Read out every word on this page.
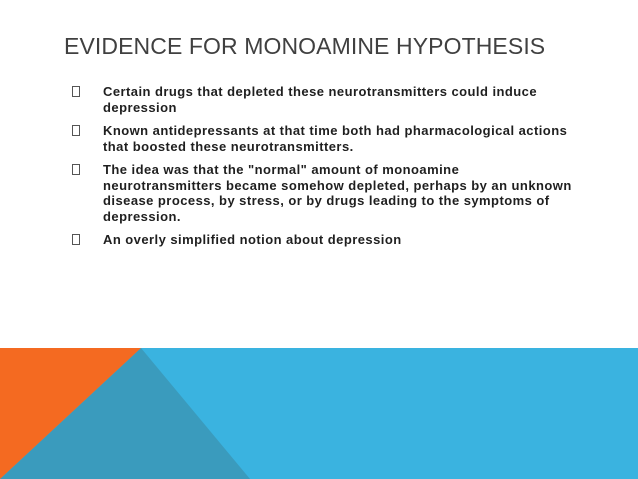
EVIDENCE FOR MONOAMINE HYPOTHESIS
Certain drugs that depleted these neurotransmitters could induce depression
Known antidepressants at that time both had pharmacological actions that boosted these neurotransmitters.
The idea was that the "normal" amount of monoamine neurotransmitters became somehow depleted, perhaps by an unknown disease process, by stress, or by drugs leading to the symptoms of depression.
An overly simplified notion about depression
